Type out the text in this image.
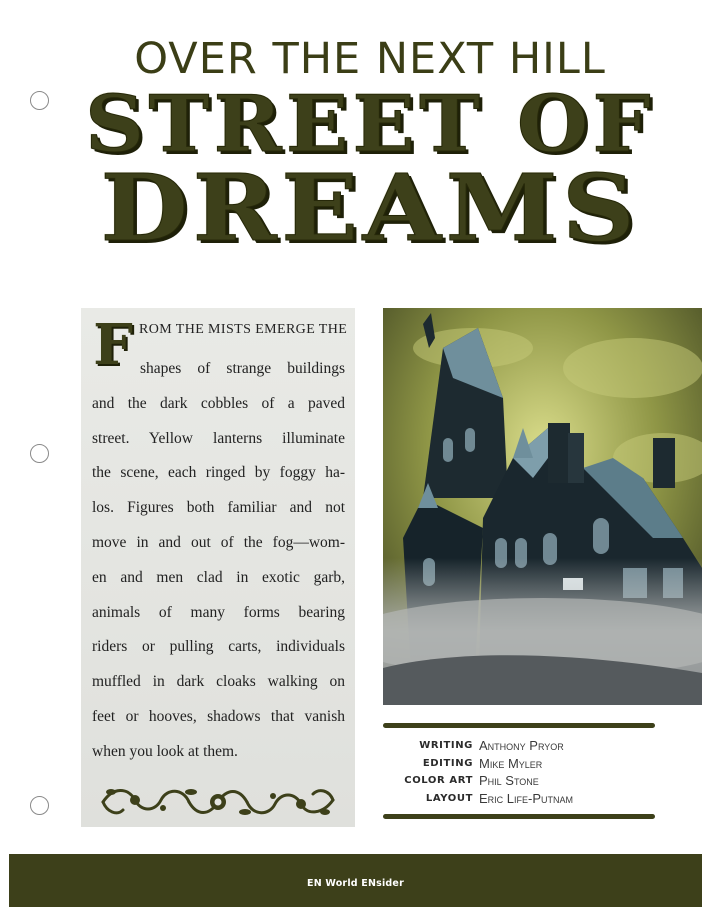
OVER THE NEXT HILL
STREET OF
DREAMS
F ROM THE MISTS EMERGE THE
shapes of strange buildings
and the dark cobbles of a paved
street. Yellow lanterns illuminate
the scene, each ringed by foggy ha-
los. Figures both familiar and not
move in and out of the fog—wom-
en and men clad in exotic garb,
animals of many forms bearing
riders or pulling carts, individuals
muffled in dark cloaks walking on
feet or hooves, shadows that vanish
when you look at them.	WRITING Anthony Pryor
EDITING Mike Myler
COLOR ART Phil Stone
LAYOUT Eric Life-Putnam
EN World ENsider
